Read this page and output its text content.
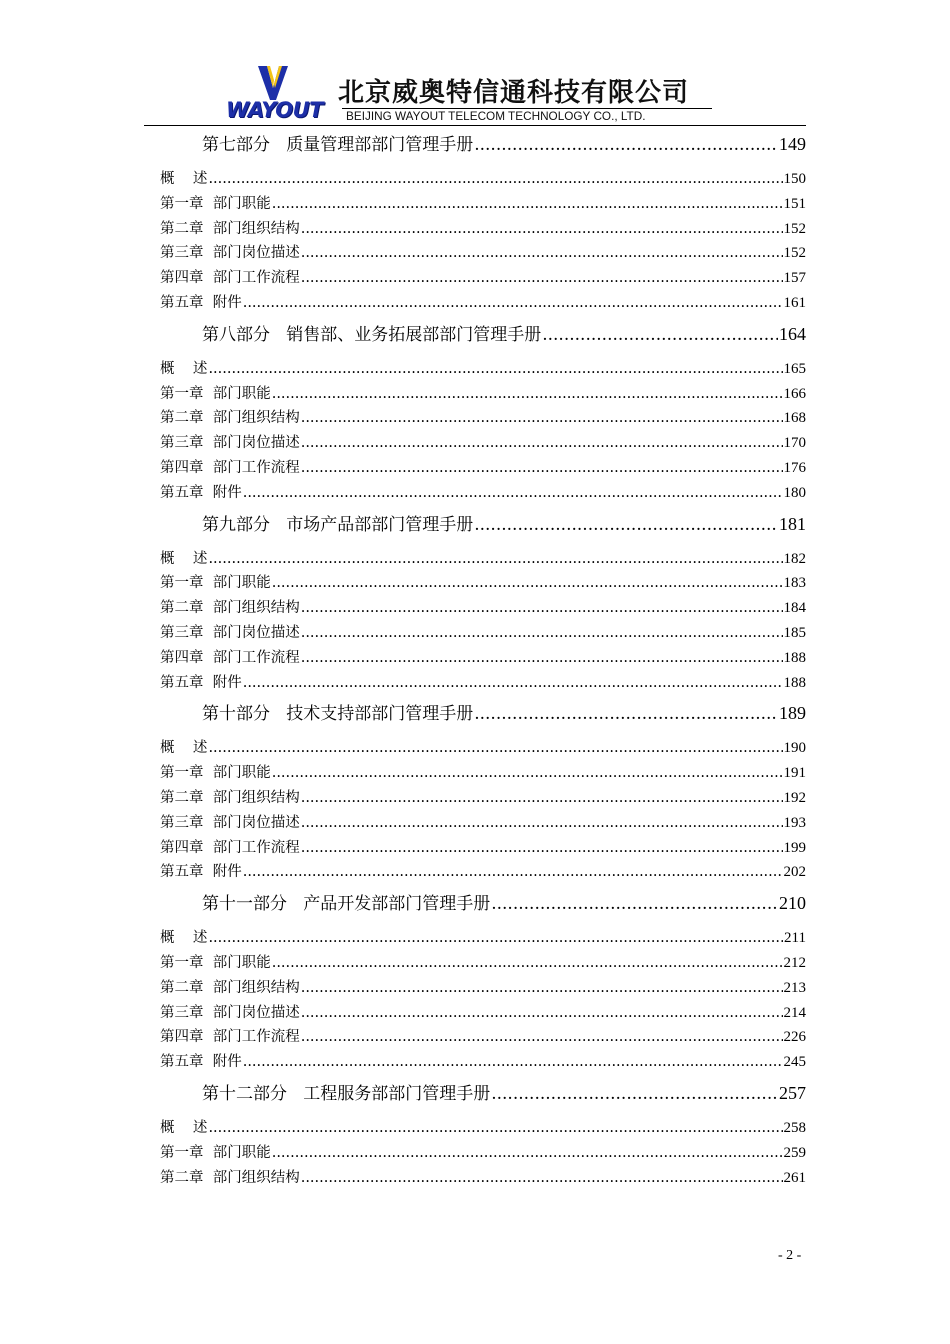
WAYOUT
北京威奥特信通科技有限公司
BEIJING WAYOUT TELECOM TECHNOLOGY CO., LTD.
第七部分   质量管理部部门管理手册 .....	149
概    述 .....	150
第一章  部门职能 .....	151
第二章  部门组织结构 .....	152
第三章  部门岗位描述 .....	152
第四章  部门工作流程 .....	157
第五章  附件 .....	161
第八部分   销售部、业务拓展部部门管理手册 .....	164
概    述 .....	165
第一章  部门职能 .....	166
第二章  部门组织结构 .....	168
第三章  部门岗位描述 .....	170
第四章  部门工作流程 .....	176
第五章  附件 .....	180
第九部分   市场产品部部门管理手册 .....	181
概    述 .....	182
第一章  部门职能 .....	183
第二章  部门组织结构 .....	184
第三章  部门岗位描述 .....	185
第四章  部门工作流程 .....	188
第五章  附件 .....	188
第十部分   技术支持部部门管理手册 .....	189
概    述 .....	190
第一章  部门职能 .....	191
第二章  部门组织结构 .....	192
第三章  部门岗位描述 .....	193
第四章  部门工作流程 .....	199
第五章  附件 .....	202
第十一部分   产品开发部部门管理手册 .....	210
概    述 .....	211
第一章  部门职能 .....	212
第二章  部门组织结构 .....	213
第三章  部门岗位描述 .....	214
第四章  部门工作流程 .....	226
第五章  附件 .....	245
第十二部分   工程服务部部门管理手册 .....	257
概    述 .....	258
第一章  部门职能 .....	259
第二章  部门组织结构 .....	261
- 2 -
